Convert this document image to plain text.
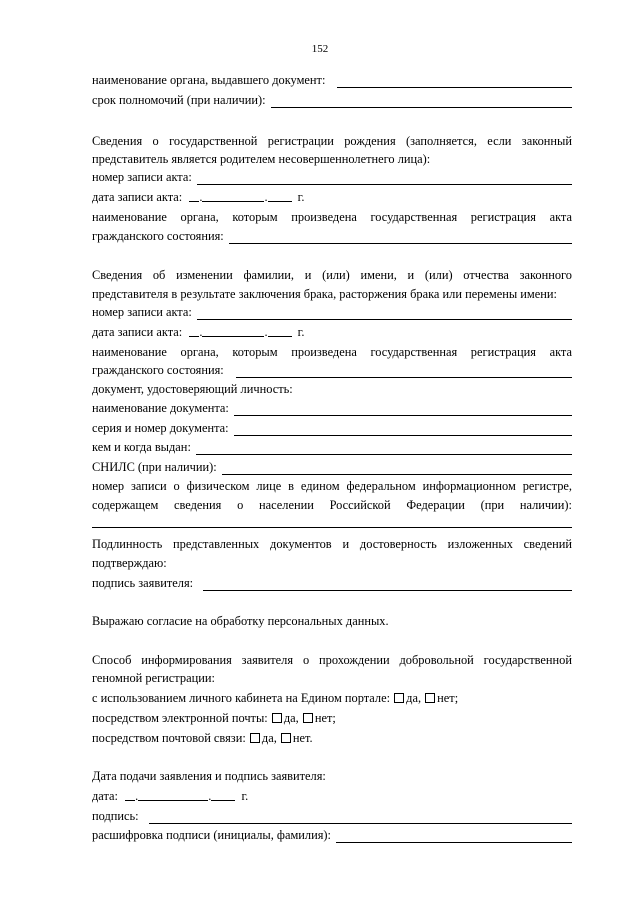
152
наименование органа, выдавшего документ:
срок полномочий (при наличии):
Сведения о государственной регистрации рождения (заполняется, если законный
представитель является родителем несовершеннолетнего лица):
номер записи акта:
дата записи акта: .	. г.
наименование органа, которым произведена государственная регистрация акта
гражданского состояния:
Сведения об изменении фамилии, и (или) имени, и (или) отчества законного
представителя в результате заключения брака, расторжения брака или перемены имени:
номер записи акта:
дата записи акта: .	. г.
наименование органа, которым произведена государственная регистрация акта
гражданского состояния:
документ, удостоверяющий личность:
наименование документа:
серия и номер документа:
кем и когда выдан:
СНИЛС (при наличии):
номер записи о физическом лице в едином федеральном информационном регистре,
содержащем сведения о населении Российской Федерации (при наличии):
Подлинность представленных документов и достоверность изложенных сведений
подтверждаю:
подпись заявителя:
Выражаю согласие на обработку персональных данных.
Способ информирования заявителя о прохождении добровольной государственной
геномной регистрации:
с использованием личного кабинета на Едином портале: да, нет;
посредством электронной почты: да, нет;
посредством почтовой связи: да, нет.
Дата подачи заявления и подпись заявителя:
дата: .	. г.
подпись:
расшифровка подписи (инициалы, фамилия):
